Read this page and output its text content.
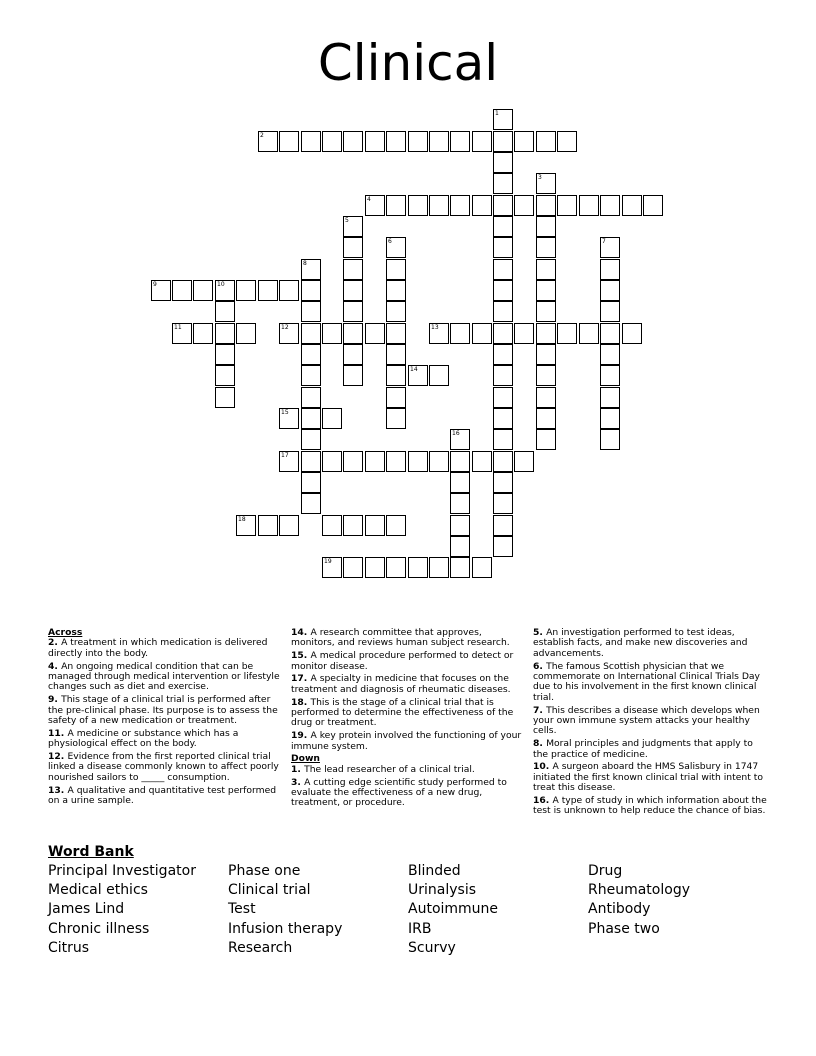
Clinical
1
2
3
4
5
6	7
8
9	10
11	12	13
14
15
16
17
18
19
Across
2. A treatment in which medication is delivered directly into the body.
4. An ongoing medical condition that can be managed through medical intervention or lifestyle changes such as diet and exercise.
9. This stage of a clinical trial is performed after the pre-clinical phase. Its purpose is to assess the safety of a new medication or treatment.
11. A medicine or substance which has a physiological effect on the body.
12. Evidence from the first reported clinical trial linked a disease commonly known to affect poorly nourished sailors to _____ consumption.
13. A qualitative and quantitative test performed on a urine sample.
14. A research committee that approves, monitors, and reviews human subject research.
15. A medical procedure performed to detect or monitor disease.
17. A specialty in medicine that focuses on the treatment and diagnosis of rheumatic diseases.
18. This is the stage of a clinical trial that is performed to determine the effectiveness of the drug or treatment.
19. A key protein involved the functioning of your immune system.
Down
1. The lead researcher of a clinical trial.
3. A cutting edge scientific study performed to evaluate the effectiveness of a new drug, treatment, or procedure.
5. An investigation performed to test ideas, establish facts, and make new discoveries and advancements.
6. The famous Scottish physician that we commemorate on International Clinical Trials Day due to his involvement in the first known clinical trial.
7. This describes a disease which develops when your own immune system attacks your healthy cells.
8. Moral principles and judgments that apply to the practice of medicine.
10. A surgeon aboard the HMS Salisbury in 1747 initiated the first known clinical trial with intent to treat this disease.
16. A type of study in which information about the test is unknown to help reduce the chance of bias.
Word Bank
Principal Investigator
Medical ethics
James Lind
Chronic illness
Citrus
Phase one
Clinical trial
Test
Infusion therapy
Research
Blinded
Urinalysis
Autoimmune
IRB
Scurvy
Drug
Rheumatology
Antibody
Phase two
